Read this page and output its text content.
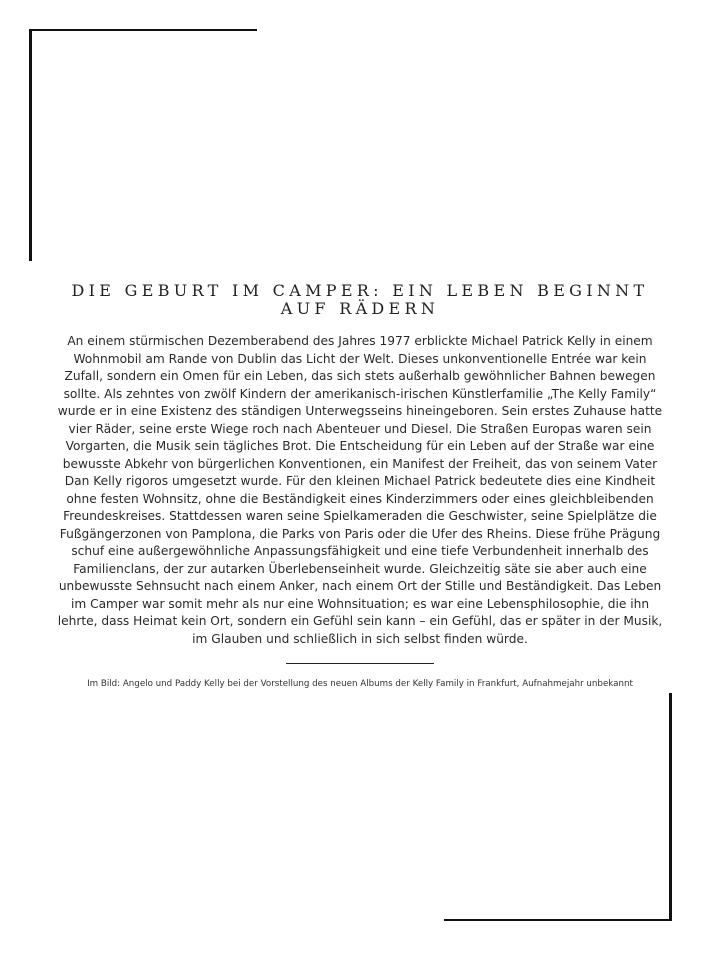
DIE GEBURT IM CAMPER: EIN LEBEN BEGINNT AUF RÄDERN

An einem stürmischen Dezemberabend des Jahres 1977 erblickte Michael Patrick Kelly in einem Wohnmobil am Rande von Dublin das Licht der Welt. Dieses unkonventionelle Entrée war kein Zufall, sondern ein Omen für ein Leben, das sich stets außerhalb gewöhnlicher Bahnen bewegen sollte. Als zehntes von zwölf Kindern der amerikanisch-irischen Künstlerfamilie „The Kelly Family“ wurde er in eine Existenz des ständigen Unterwegsseins hineingeboren. Sein erstes Zuhause hatte vier Räder, seine erste Wiege roch nach Abenteuer und Diesel. Die Straßen Europas waren sein Vorgarten, die Musik sein tägliches Brot. Die Entscheidung für ein Leben auf der Straße war eine bewusste Abkehr von bürgerlichen Konventionen, ein Manifest der Freiheit, das von seinem Vater Dan Kelly rigoros umgesetzt wurde. Für den kleinen Michael Patrick bedeutete dies eine Kindheit ohne festen Wohnsitz, ohne die Beständigkeit eines Kinderzimmers oder eines gleichbleibenden Freundeskreises. Stattdessen waren seine Spielkameraden die Geschwister, seine Spielplätze die Fußgängerzonen von Pamplona, die Parks von Paris oder die Ufer des Rheins. Diese frühe Prägung schuf eine außergewöhnliche Anpassungsfähigkeit und eine tiefe Verbundenheit innerhalb des Familienclans, der zur autarken Überlebenseinheit wurde. Gleichzeitig säte sie aber auch eine unbewusste Sehnsucht nach einem Anker, nach einem Ort der Stille und Beständigkeit. Das Leben im Camper war somit mehr als nur eine Wohnsituation; es war eine Lebensphilosophie, die ihn lehrte, dass Heimat kein Ort, sondern ein Gefühl sein kann – ein Gefühl, das er später in der Musik, im Glauben und schließlich in sich selbst finden würde.

Im Bild: Angelo und Paddy Kelly bei der Vorstellung des neuen Albums der Kelly Family in Frankfurt, Aufnahmejahr unbekannt
